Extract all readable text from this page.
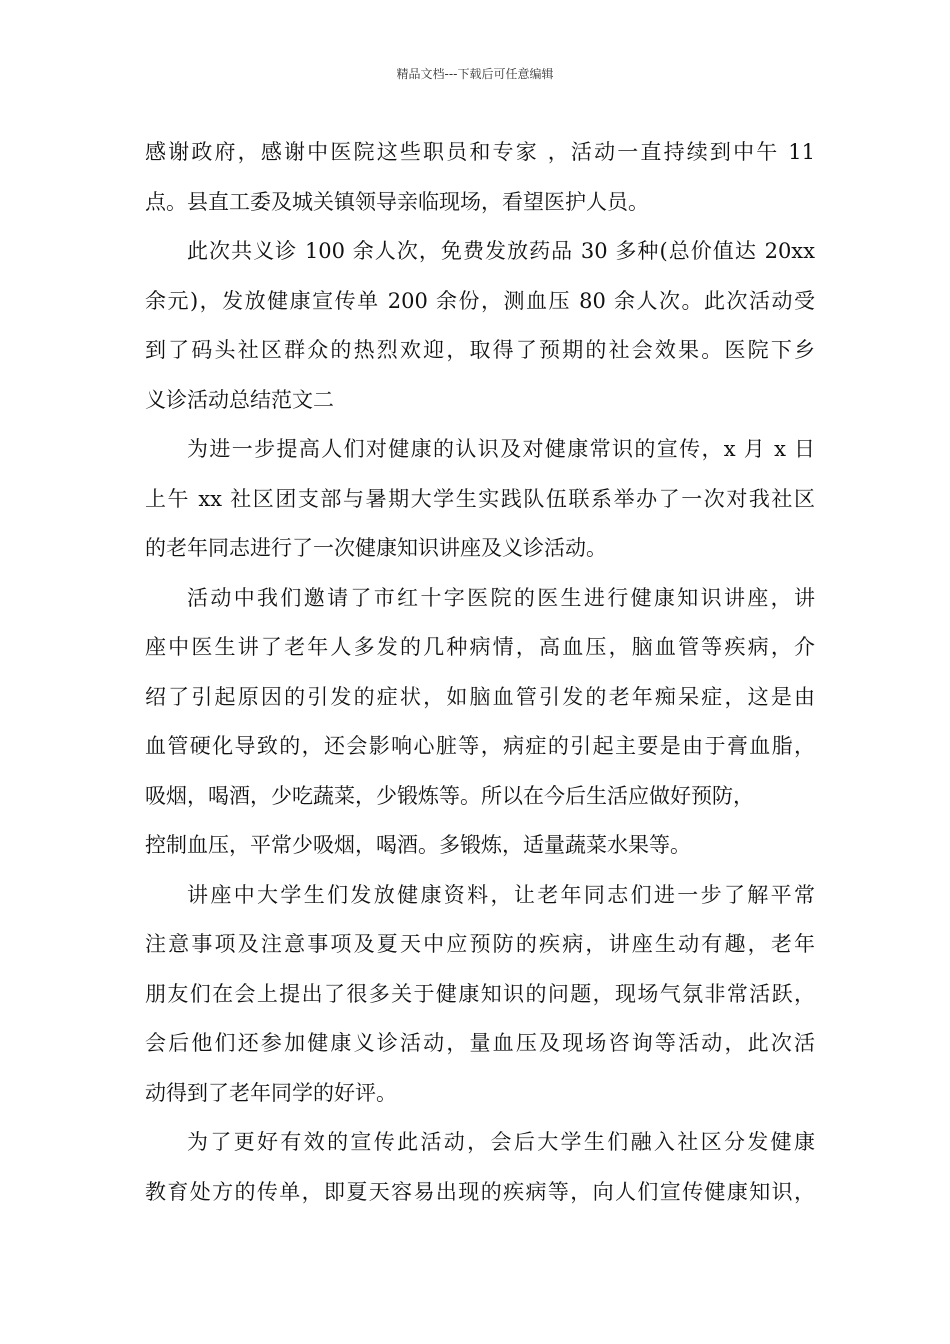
精品文档---下载后可任意编辑
感谢政府，感谢中医院这些职员和专家 ，活动一直持续到中午 11
点。县直工委及城关镇领导亲临现场，看望医护人员。
此次共义诊 100 余人次，免费发放药品 30 多种(总价值达 20xx
余元)，发放健康宣传单 200 余份，测血压 80 余人次。此次活动受
到了码头社区群众的热烈欢迎，取得了预期的社会效果。医院下乡
义诊活动总结范文二
为进一步提高人们对健康的认识及对健康常识的宣传，x 月 x 日
上午 xx 社区团支部与暑期大学生实践队伍联系举办了一次对我社区
的老年同志进行了一次健康知识讲座及义诊活动。
活动中我们邀请了市红十字医院的医生进行健康知识讲座，讲
座中医生讲了老年人多发的几种病情，高血压，脑血管等疾病，介
绍了引起原因的引发的症状，如脑血管引发的老年痴呆症，这是由
血管硬化导致的，还会影响心脏等，病症的引起主要是由于膏血脂，
吸烟，喝酒，少吃蔬菜，少锻炼等。所以在今后生活应做好预防，
控制血压，平常少吸烟，喝酒。多锻炼，适量蔬菜水果等。
讲座中大学生们发放健康资料，让老年同志们进一步了解平常
注意事项及注意事项及夏天中应预防的疾病，讲座生动有趣，老年
朋友们在会上提出了很多关于健康知识的问题，现场气氛非常活跃，
会后他们还参加健康义诊活动，量血压及现场咨询等活动，此次活
动得到了老年同学的好评。
为了更好有效的宣传此活动，会后大学生们融入社区分发健康
教育处方的传单，即夏天容易出现的疾病等，向人们宣传健康知识，
